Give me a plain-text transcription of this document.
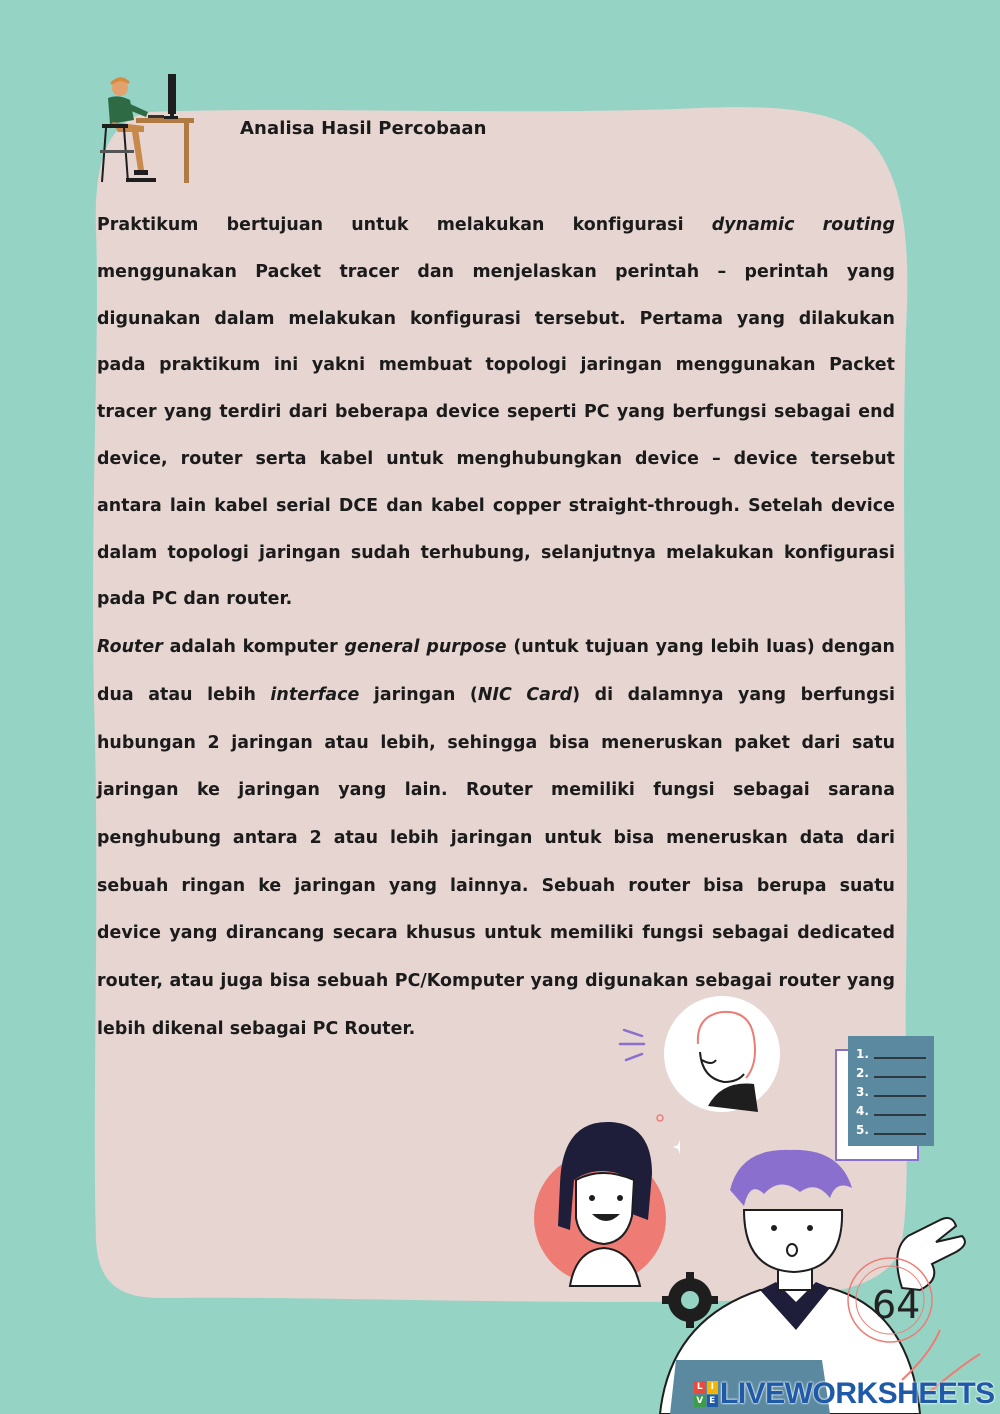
Analisa Hasil Percobaan

Praktikum bertujuan untuk melakukan konfigurasi dynamic routing menggunakan Packet tracer dan menjelaskan perintah – perintah yang digunakan dalam melakukan konfigurasi tersebut. Pertama yang dilakukan pada praktikum ini yakni membuat topologi jaringan menggunakan Packet tracer yang terdiri dari beberapa device seperti PC yang berfungsi sebagai end device, router serta kabel untuk menghubungkan device – device tersebut antara lain kabel serial DCE dan kabel copper straight-through. Setelah device dalam topologi jaringan sudah terhubung, selanjutnya melakukan konfigurasi pada PC dan router.

Router adalah komputer general purpose (untuk tujuan yang lebih luas) dengan dua atau lebih interface jaringan (NIC Card) di dalamnya yang berfungsi hubungan 2 jaringan atau lebih, sehingga bisa meneruskan paket dari satu jaringan ke jaringan yang lain. Router memiliki fungsi sebagai sarana penghubung antara 2 atau lebih jaringan untuk bisa meneruskan data dari sebuah ringan ke jaringan yang lainnya. Sebuah router bisa berupa suatu device yang dirancang secara khusus untuk memiliki fungsi sebagai dedicated router, atau juga bisa sebuah PC/Komputer yang digunakan sebagai router yang lebih dikenal sebagai PC Router.

1.
2.
3.
4.
5.
64
L I
V E LIVEWORKSHEETS
